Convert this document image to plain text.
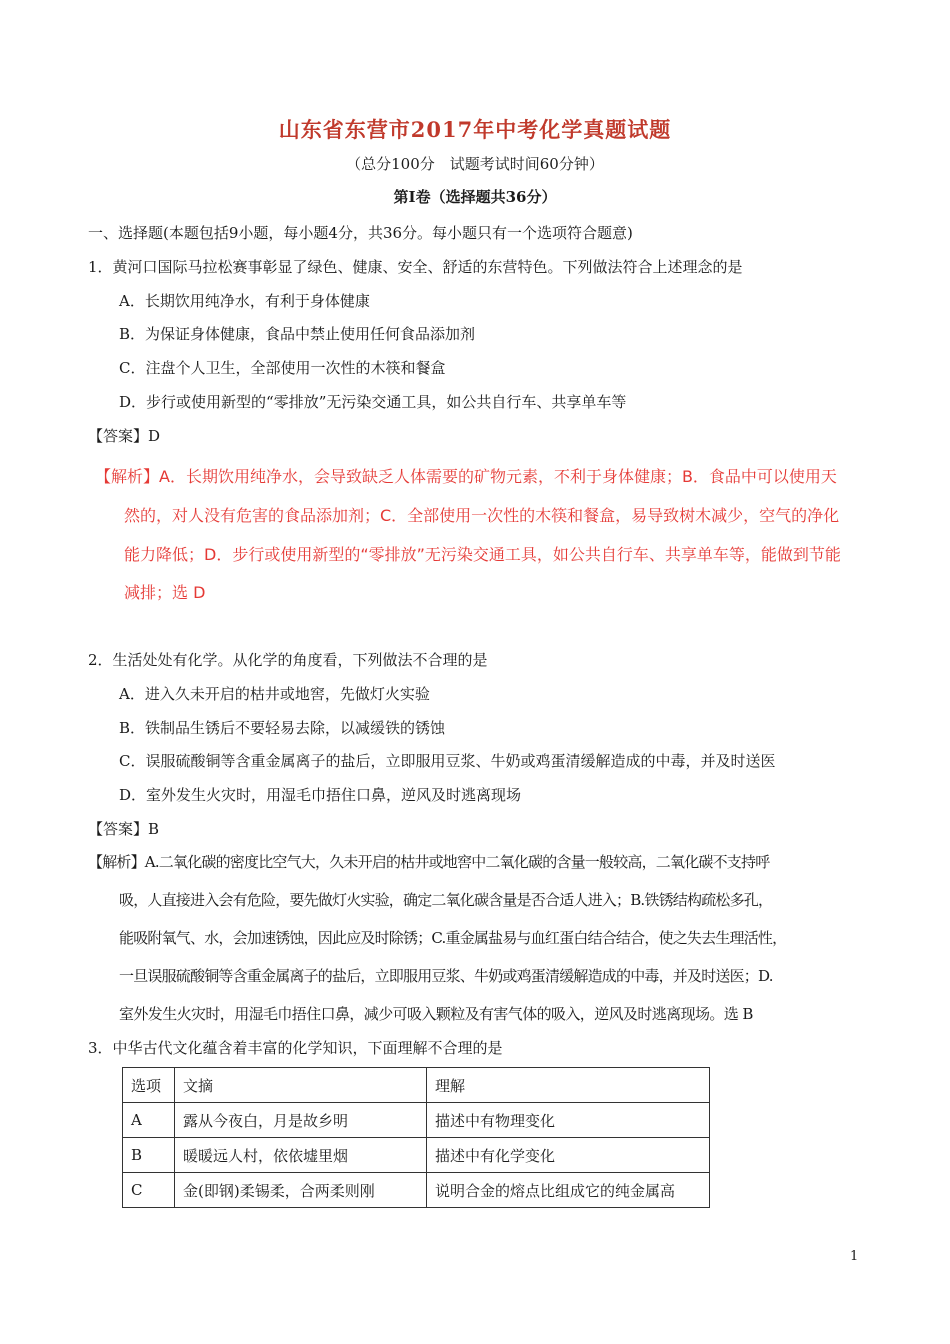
山东省东营市2017年中考化学真题试题
（总分100分　试题考试时间60分钟）
第Ⅰ卷（选择题共36分）
一、选择题(本题包括9小题，每小题4分，共36分。每小题只有一个选项符合题意)
1．黄河口国际马拉松赛事彰显了绿色、健康、安全、舒适的东营特色。下列做法符合上述理念的是
A．长期饮用纯净水，有利于身体健康
B．为保证身体健康，食品中禁止使用任何食品添加剂
C．注盘个人卫生，全部使用一次性的木筷和餐盒
D．步行或使用新型的“零排放”无污染交通工具，如公共自行车、共享单车等
【答案】D
【解析】A．长期饮用纯净水，会导致缺乏人体需要的矿物元素，不利于身体健康；B．食品中可以使用天
然的，对人没有危害的食品添加剂；C．全部使用一次性的木筷和餐盒，易导致树木减少，空气的净化
能力降低；D．步行或使用新型的“零排放”无污染交通工具，如公共自行车、共享单车等，能做到节能
减排；选 D
2．生活处处有化学。从化学的角度看，下列做法不合理的是
A．进入久未开启的枯井或地窖，先做灯火实验
B．铁制品生锈后不要轻易去除，以减缓铁的锈蚀
C．误服硫酸铜等含重金属离子的盐后，立即服用豆浆、牛奶或鸡蛋清缓解造成的中毒，并及时送医
D．室外发生火灾时，用湿毛巾捂住口鼻，逆风及时逃离现场
【答案】B
【解析】A.二氧化碳的密度比空气大，久未开启的枯井或地窖中二氧化碳的含量一般较高，二氧化碳不支持呼
吸，人直接进入会有危险，要先做灯火实验，确定二氧化碳含量是否合适人进入；B.铁锈结构疏松多孔，
能吸附氧气、水，会加速锈蚀，因此应及时除锈；C.重金属盐易与血红蛋白结合结合，使之失去生理活性，
一旦误服硫酸铜等含重金属离子的盐后，立即服用豆浆、牛奶或鸡蛋清缓解造成的中毒，并及时送医；D.
室外发生火灾时，用湿毛巾捂住口鼻，减少可吸入颗粒及有害气体的吸入，逆风及时逃离现场。选 B
3．中华古代文化蕴含着丰富的化学知识，下面理解不合理的是
选项	文摘	理解
A	露从今夜白，月是故乡明	描述中有物理变化
B	暖暖远人村，依依墟里烟	描述中有化学变化
C	金(即钢)柔锡柔，合两柔则刚	说明合金的熔点比组成它的纯金属高
1
